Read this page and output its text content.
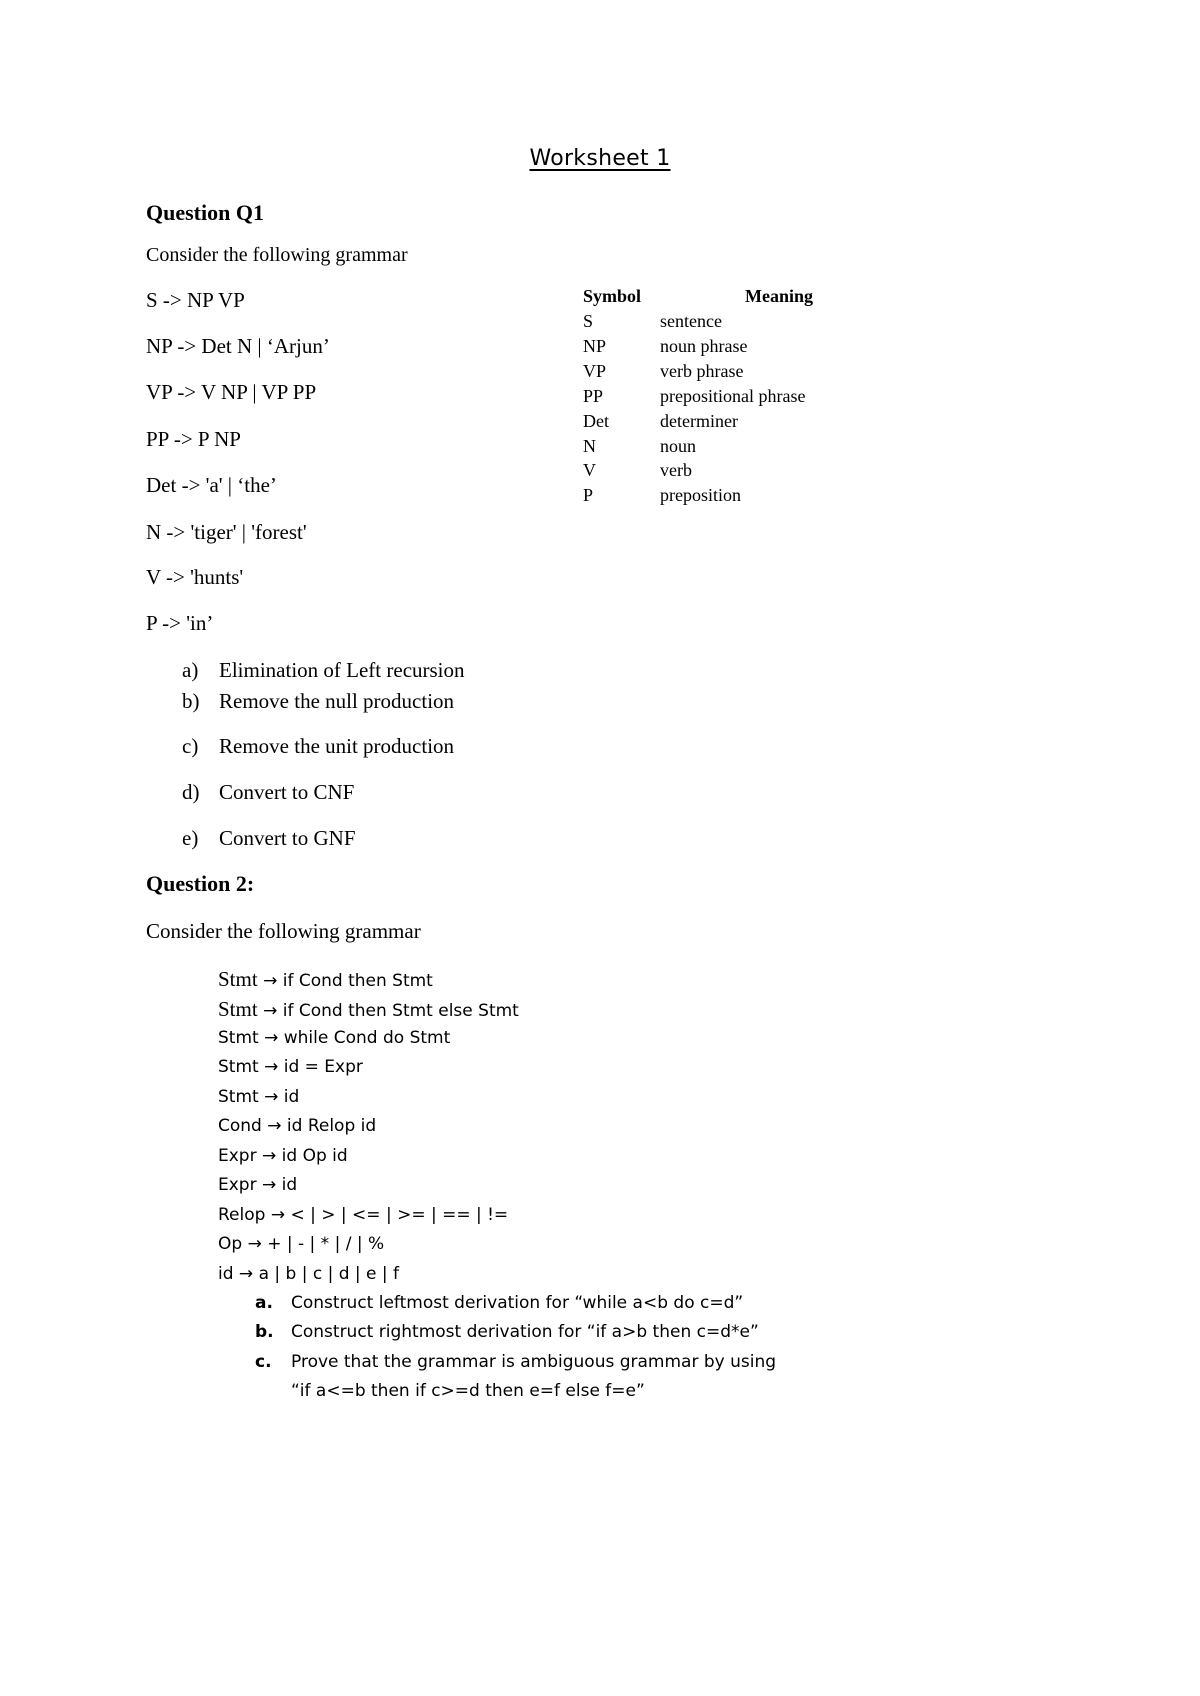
Worksheet 1
Question Q1
Consider the following grammar
S -> NP VP
NP -> Det N | ‘Arjun’
VP -> V NP | VP PP
PP -> P NP
Det -> 'a' | ‘the’
N -> 'tiger' | 'forest'
V -> 'hunts'
P -> 'in’
a) Elimination of Left recursion
b) Remove the null production
c) Remove the unit production
d) Convert to CNF
e) Convert to GNF
Symbol	Meaning
S	sentence
NP	noun phrase
VP	verb phrase
PP	prepositional phrase
Det	determiner
N	noun
V	verb
P	preposition
Question 2:
Consider the following grammar
Stmt → if Cond then Stmt
Stmt → if Cond then Stmt else Stmt
Stmt → while Cond do Stmt
Stmt → id = Expr
Stmt → id
Cond → id Relop id
Expr → id Op id
Expr → id
Relop → < | > | <= | >= | == | !=
Op → + | - | * | / | %
id → a | b | c | d | e | f
a. Construct leftmost derivation for “while a<b do c=d”
b. Construct rightmost derivation for “if a>b then c=d*e”
c. Prove that the grammar is ambiguous grammar by using
“if a<=b then if c>=d then e=f else f=e”
